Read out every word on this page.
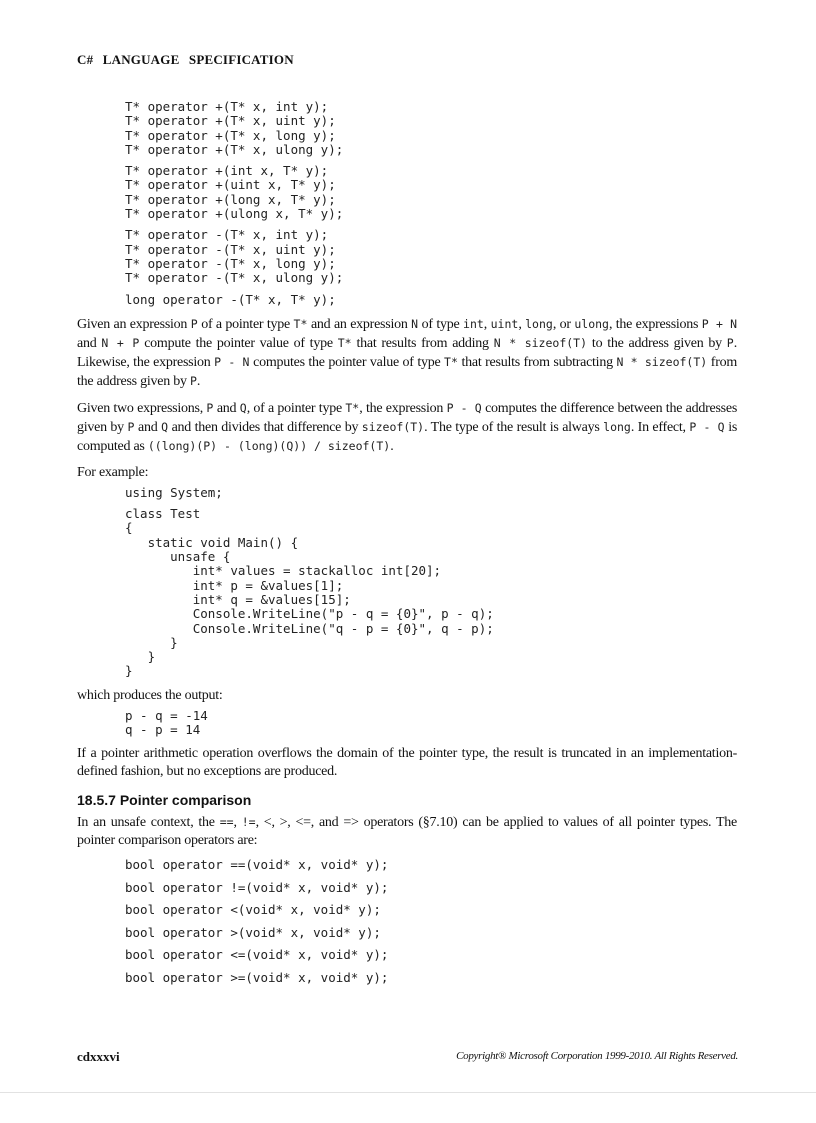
C# LANGUAGE SPECIFICATION
T* operator +(T* x, int y);
T* operator +(T* x, uint y);
T* operator +(T* x, long y);
T* operator +(T* x, ulong y);
T* operator +(int x, T* y);
T* operator +(uint x, T* y);
T* operator +(long x, T* y);
T* operator +(ulong x, T* y);
T* operator -(T* x, int y);
T* operator -(T* x, uint y);
T* operator -(T* x, long y);
T* operator -(T* x, ulong y);
long operator -(T* x, T* y);

Given an expression P of a pointer type T* and an expression N of type int, uint, long, or ulong, the expressions P + N and N + P compute the pointer value of type T* that results from adding N * sizeof(T) to the address given by P. Likewise, the expression P - N computes the pointer value of type T* that results from subtracting N * sizeof(T) from the address given by P.

Given two expressions, P and Q, of a pointer type T*, the expression P - Q computes the difference between the addresses given by P and Q and then divides that difference by sizeof(T). The type of the result is always long. In effect, P - Q is computed as ((long)(P) - (long)(Q)) / sizeof(T).

For example:

using System;
class Test
{
static void Main() {
unsafe {
int* values = stackalloc int[20];
int* p = &values[1];
int* q = &values[15];
Console.WriteLine("p - q = {0}", p - q);
Console.WriteLine("q - p = {0}", q - p);
}
}
}

which produces the output:

p - q = -14
q - p = 14

If a pointer arithmetic operation overflows the domain of the pointer type, the result is truncated in an implementation-defined fashion, but no exceptions are produced.

18.5.7 Pointer comparison

In an unsafe context, the ==, !=, <, >, <=, and => operators (§7.10) can be applied to values of all pointer types. The pointer comparison operators are:

bool operator ==(void* x, void* y);
bool operator !=(void* x, void* y);
bool operator <(void* x, void* y);
bool operator >(void* x, void* y);
bool operator <=(void* x, void* y);
bool operator >=(void* x, void* y);
cdxxxvi	Copyright® Microsoft Corporation 1999-2010. All Rights Reserved.
